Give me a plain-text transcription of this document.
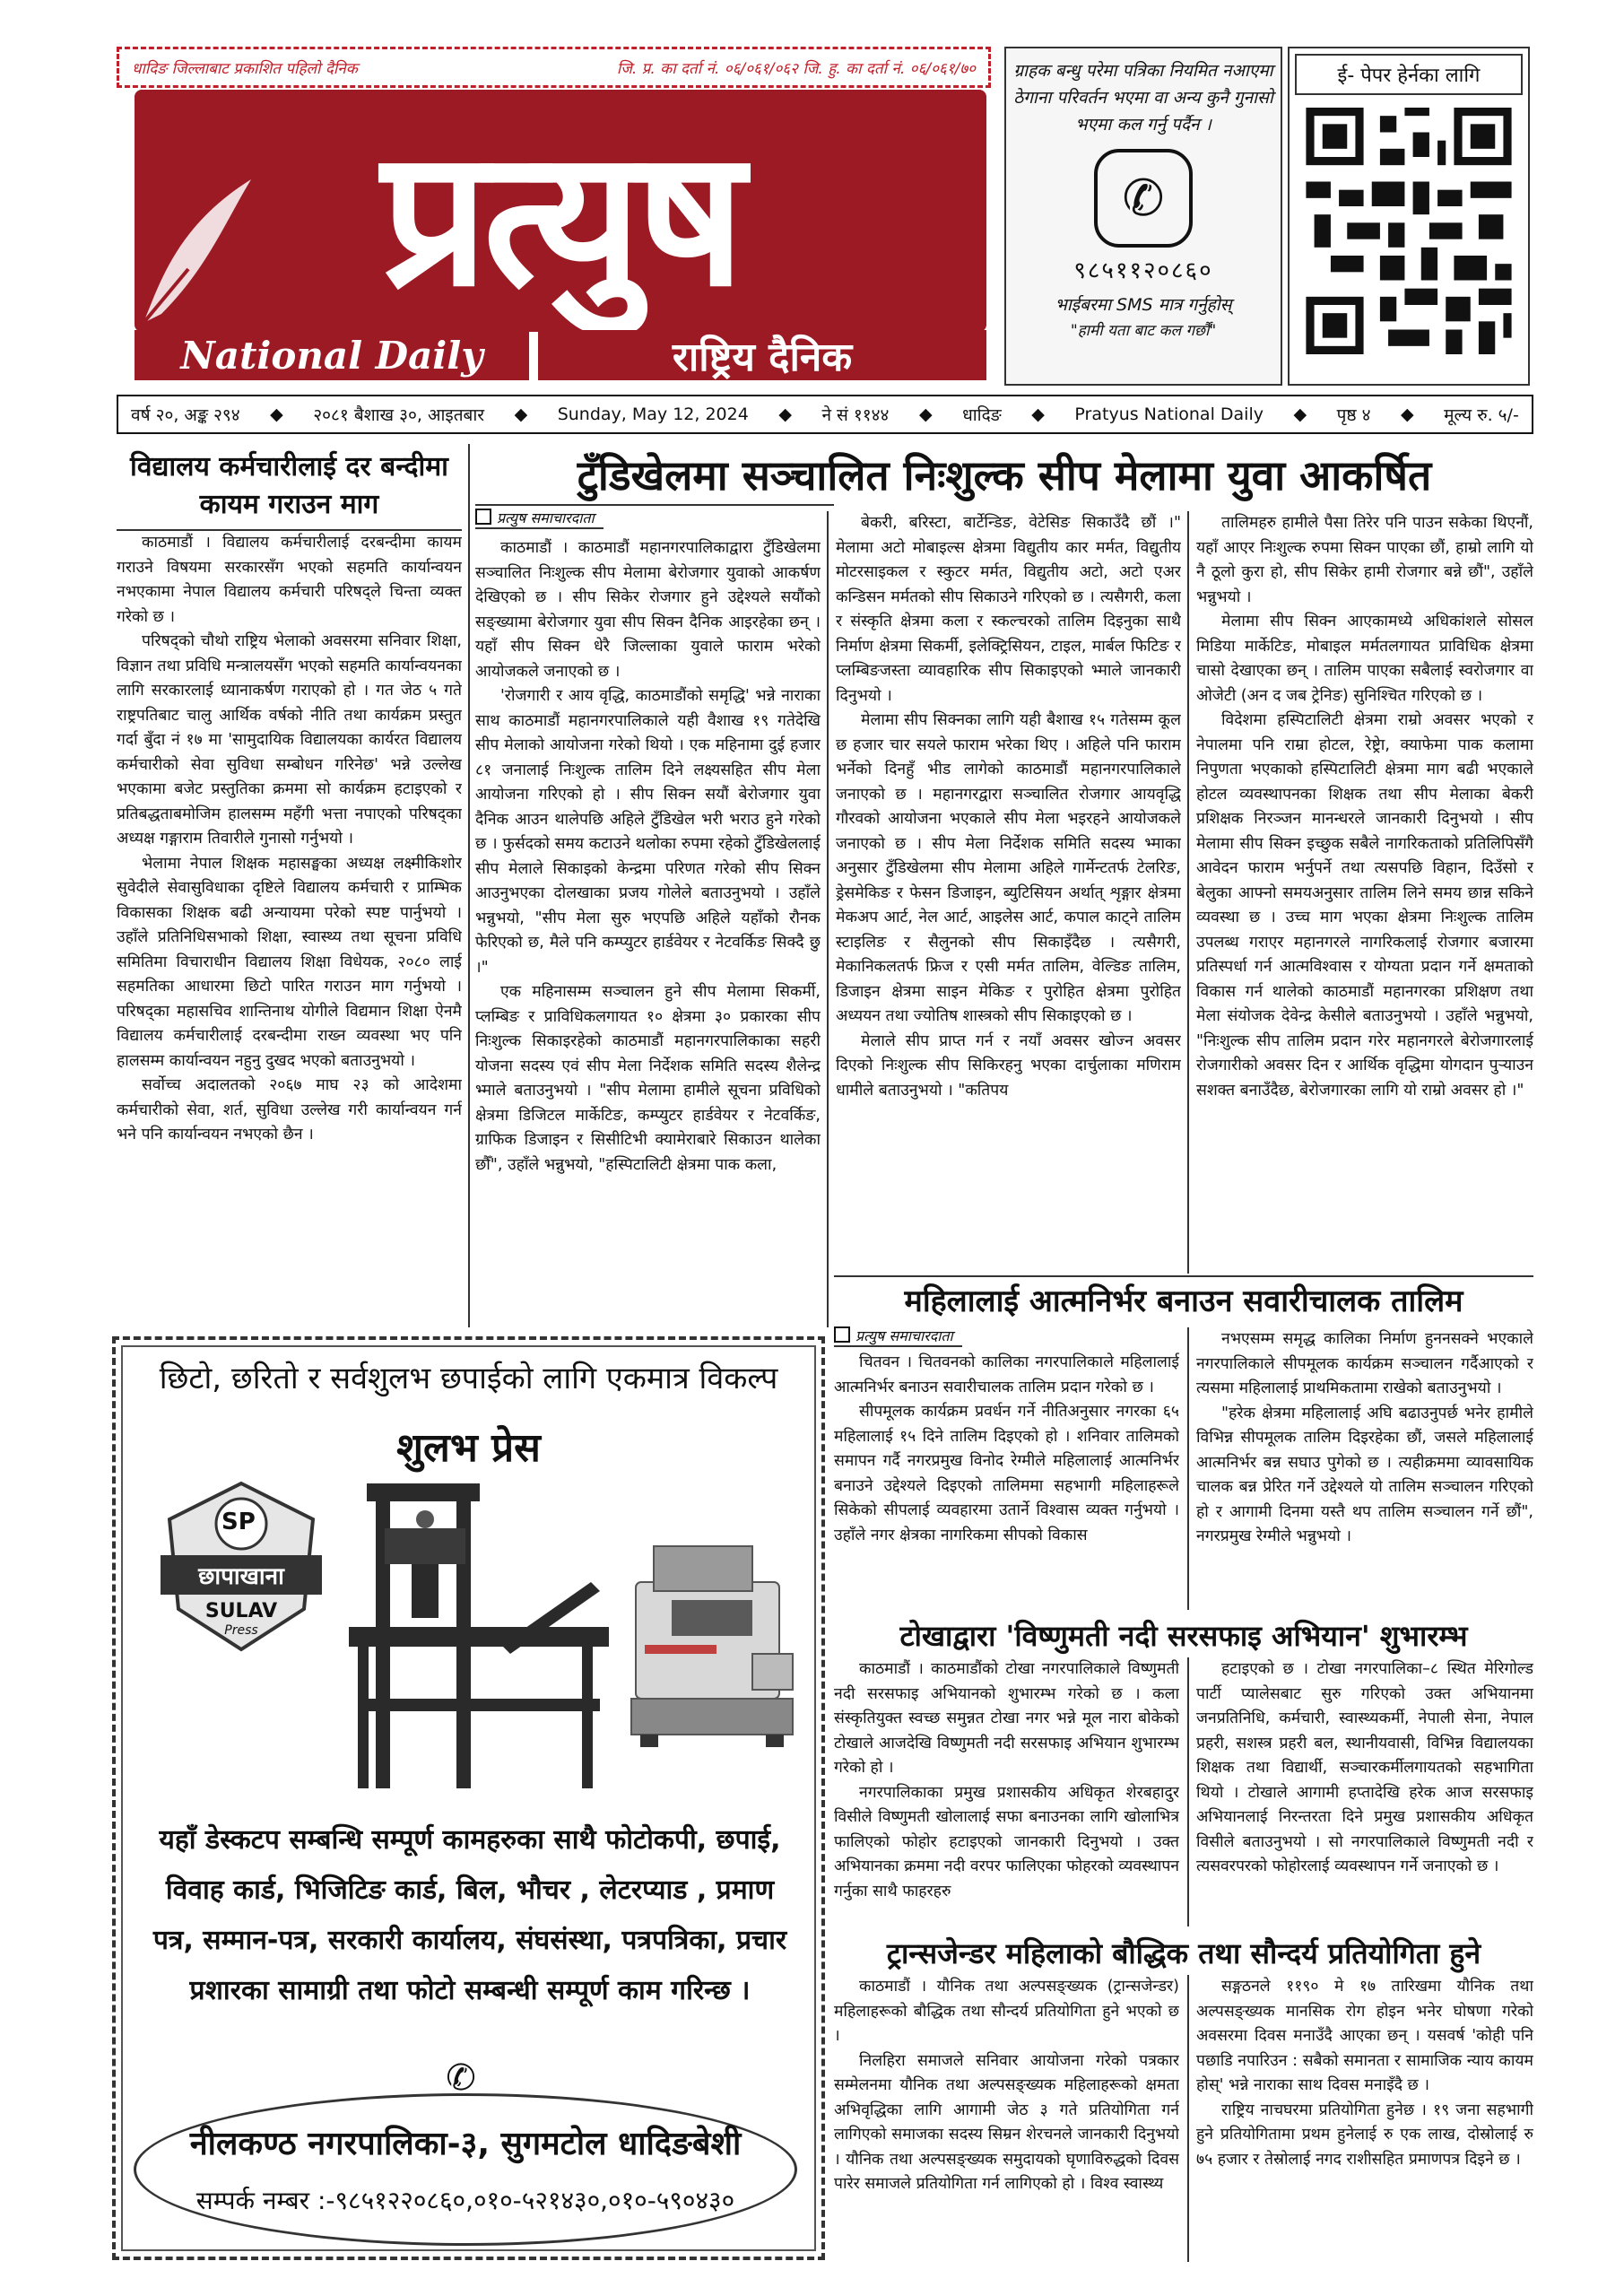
धादिङ जिल्लाबाट प्रकाशित पहिलो दैनिक	जि. प्र. का दर्ता नं. ०६/०६१/०६२ जि. हु. का दर्ता नं. ०६/०६१/७०
प्रत्युष
National Daily	राष्ट्रिय दैनिक
ग्राहक बन्धु परेमा पत्रिका नियमित नआएमा ठेगाना परिवर्तन भएमा वा अन्य कुनै गुनासो भएमा कल गर्नु पर्दैन ।
✆
९८५११२०८६०
भाईबरमा SMS मात्र गर्नुहोस्
"हामी यता बाट कल गर्छौं"
ई- पेपर हेर्नका लागि
वर्ष २०, अङ्क २९४ ◆ २०८१ बैशाख ३०, आइतबार ◆ Sunday, May 12, 2024 ◆ ने सं ११४४ ◆ धादिङ ◆ Pratyus National Daily ◆ पृष्ठ ४ ◆ मूल्य रु. ५/-
विद्यालय कर्मचारीलाई दर बन्दीमा कायम गराउन माग

काठमाडौं । विद्यालय कर्मचारीलाई दरबन्दीमा कायम गराउने विषयमा सरकारसँग भएको सहमति कार्यान्वयन नभएकामा नेपाल विद्यालय कर्मचारी परिषद्ले चिन्ता व्यक्त गरेको छ ।

परिषद्को चौथो राष्ट्रिय भेलाको अवसरमा सनिवार शिक्षा, विज्ञान तथा प्रविधि मन्त्रालयसँग भएको सहमति कार्यान्वयनका लागि सरकारलाई ध्यानाकर्षण गराएको हो । गत जेठ ५ गते राष्ट्रपतिबाट चालु आर्थिक वर्षको नीति तथा कार्यक्रम प्रस्तुत गर्दा बुँदा नं १७ मा 'सामुदायिक विद्यालयका कार्यरत विद्यालय कर्मचारीको सेवा सुविधा सम्बोधन गरिनेछ' भन्ने उल्लेख भएकामा बजेट प्रस्तुतिका क्रममा सो कार्यक्रम हटाइएको र प्रतिबद्धताबमोजिम हालसम्म महँगी भत्ता नपाएको परिषद्का अध्यक्ष गङ्गाराम तिवारीले गुनासो गर्नुभयो ।

भेलामा नेपाल शिक्षक महासङ्घका अध्यक्ष लक्ष्मीकिशोर सुवेदीले सेवासुविधाका दृष्टिले विद्यालय कर्मचारी र प्राम्भिक विकासका शिक्षक बढी अन्यायमा परेको स्पष्ट पार्नुभयो । उहाँले प्रतिनिधिसभाको शिक्षा, स्वास्थ्य तथा सूचना प्रविधि समितिमा विचाराधीन विद्यालय शिक्षा विधेयक, २०८० लाई सहमतिका आधारमा छिटो पारित गराउन माग गर्नुभयो । परिषद्का महासचिव शान्तिनाथ योगीले विद्यमान शिक्षा ऐनमै विद्यालय कर्मचारीलाई दरबन्दीमा राख्न व्यवस्था भए पनि हालसम्म कार्यान्वयन नहुनु दुखद भएको बताउनुभयो ।

सर्वोच्च अदालतको २०६७ माघ २३ को आदेशमा कर्मचारीको सेवा, शर्त, सुविधा उल्लेख गरी कार्यान्वयन गर्न भने पनि कार्यान्वयन नभएको छैन ।

टुँडिखेलमा सञ्चालित निःशुल्क सीप मेलामा युवा आकर्षित
प्रत्युष समाचारदाता

काठमाडौं । काठमाडौं महानगरपालिकाद्वारा टुँडिखेलमा सञ्चालित निःशुल्क सीप मेलामा बेरोजगार युवाको आकर्षण देखिएको छ । सीप सिकेर रोजगार हुने उद्देश्यले सयौंको सङ्ख्यामा बेरोजगार युवा सीप सिक्न दैनिक आइरहेका छन् । यहाँ सीप सिक्न धेरै जिल्लाका युवाले फाराम भरेको आयोजकले जनाएको छ ।

'रोजगारी र आय वृद्धि, काठमाडौंको समृद्धि' भन्ने नाराका साथ काठमाडौं महानगरपालिकाले यही वैशाख १९ गतेदेखि सीप मेलाको आयोजना गरेको थियो । एक महिनामा दुई हजार ८१ जनालाई निःशुल्क तालिम दिने लक्ष्यसहित सीप मेला आयोजना गरिएको हो । सीप सिक्न सयौं बेरोजगार युवा दैनिक आउन थालेपछि अहिले टुँडिखेल भरी भराउ हुने गरेको छ । फुर्सदको समय कटाउने थलोका रुपमा रहेको टुँडिखेललाई सीप मेलाले सिकाइको केन्द्रमा परिणत गरेको सीप सिक्न आउनुभएका दोलखाका प्रजय गोलेले बताउनुभयो । उहाँले भन्नुभयो, "सीप मेला सुरु भएपछि अहिले यहाँको रौनक फेरिएको छ, मैले पनि कम्प्युटर हार्डवेयर र नेटवर्किङ सिक्दै छु ।"

एक महिनासम्म सञ्चालन हुने सीप मेलामा सिकर्मी, प्लम्बिङ र प्राविधिकलगायत १० क्षेत्रमा ३० प्रकारका सीप निःशुल्क सिकाइरहेको काठमाडौं महानगरपालिकाका सहरी योजना सदस्य एवं सीप मेला निर्देशक समिति सदस्य शैलेन्द्र भ्माले बताउनुभयो । "सीप मेलामा हामीले सूचना प्रविधिको क्षेत्रमा डिजिटल मार्केटिङ, कम्प्युटर हार्डवेयर र नेटवर्किङ, ग्राफिक डिजाइन र सिसीटिभी क्यामेराबारे सिकाउन थालेका छौँ", उहाँले भन्नुभयो, "हस्पिटालिटी क्षेत्रमा पाक कला,

बेकरी, बरिस्टा, बार्टेन्डिङ, वेटेसिङ सिकाउँदै छौं ।" मेलामा अटो मोबाइल्स क्षेत्रमा विद्युतीय कार मर्मत, विद्युतीय मोटरसाइकल र स्कुटर मर्मत, विद्युतीय अटो, अटो एअर कन्डिसन मर्मतको सीप सिकाउने गरिएको छ । त्यसैगरी, कला र संस्कृति क्षेत्रमा कला र स्कल्चरको तालिम दिइनुका साथै निर्माण क्षेत्रमा सिकर्मी, इलेक्ट्रिसियन, टाइल, मार्बल फिटिङ र प्लम्बिङजस्ता व्यावहारिक सीप सिकाइएको भ्माले जानकारी दिनुभयो ।

मेलामा सीप सिक्नका लागि यही बैशाख १५ गतेसम्म कूल छ हजार चार सयले फाराम भरेका थिए । अहिले पनि फाराम भर्नेको दिनहुँ भीड लागेको काठमाडौं महानगरपालिकाले जनाएको छ । महानगरद्वारा सञ्चालित रोजगार आयवृद्धि गौरवको आयोजना भएकाले सीप मेला भइरहने आयोजकले जनाएको छ । सीप मेला निर्देशक समिति सदस्य भ्माका अनुसार टुँडिखेलमा सीप मेलामा अहिले गार्मेन्टतर्फ टेलरिङ, ड्रेसमेकिङ र फेसन डिजाइन, ब्युटिसियन अर्थात् शृङ्गार क्षेत्रमा मेकअप आर्ट, नेल आर्ट, आइलेस आर्ट, कपाल काट्ने तालिम स्टाइलिङ र सैलुनको सीप सिकाइँदैछ । त्यसैगरी, मेकानिकलतर्फ फ्रिज र एसी मर्मत तालिम, वेल्डिङ तालिम, डिजाइन क्षेत्रमा साइन मेकिङ र पुरोहित क्षेत्रमा पुरोहित अध्ययन तथा ज्योतिष शास्त्रको सीप सिकाइएको छ ।

मेलाले सीप प्राप्त गर्न र नयाँ अवसर खोज्न अवसर दिएको निःशुल्क सीप सिकिरहनु भएका दार्चुलाका मणिराम धामीले बताउनुभयो । "कतिपय

तालिमहरु हामीले पैसा तिरेर पनि पाउन सकेका थिएनौं, यहाँ आएर निःशुल्क रुपमा सिक्न पाएका छौं, हाम्रो लागि यो नै ठूलो कुरा हो, सीप सिकेर हामी रोजगार बन्ने छौं", उहाँले भन्नुभयो ।

मेलामा सीप सिक्न आएकामध्ये अधिकांशले सोसल मिडिया मार्केटिङ, मोबाइल मर्मतलगायत प्राविधिक क्षेत्रमा चासो देखाएका छन् । तालिम पाएका सबैलाई स्वरोजगार वा ओजेटी (अन द जब ट्रेनिङ) सुनिश्चित गरिएको छ ।

विदेशमा हस्पिटालिटी क्षेत्रमा राम्रो अवसर भएको र नेपालमा पनि राम्रा होटल, रेष्ट्रेा, क्याफेमा पाक कलामा निपुणता भएकाको हस्पिटालिटी क्षेत्रमा माग बढी भएकाले होटल व्यवस्थापनका शिक्षक तथा सीप मेलाका बेकरी प्रशिक्षक निरञ्जन मानन्धरले जानकारी दिनुभयो । सीप मेलामा सीप सिक्न इच्छुक सबैले नागरिकताको प्रतिलिपिसँगै आवेदन फाराम भर्नुपर्ने तथा त्यसपछि विहान, दिउँसो र बेलुका आफ्नो समयअनुसार तालिम लिने समय छान्न सकिने व्यवस्था छ । उच्च माग भएका क्षेत्रमा निःशुल्क तालिम उपलब्ध गराएर महानगरले नागरिकलाई रोजगार बजारमा प्रतिस्पर्धा गर्न आत्मविश्वास र योग्यता प्रदान गर्ने क्षमताको विकास गर्न थालेको काठमाडौं महानगरका प्रशिक्षण तथा मेला संयोजक देवेन्द्र केसीले बताउनुभयो । उहाँले भन्नुभयो, "निःशुल्क सीप तालिम प्रदान गरेर महानगरले बेरोजगारलाई रोजगारीको अवसर दिन र आर्थिक वृद्धिमा योगदान पुऱ्याउन सशक्त बनाउँदैछ, बेरोजगारका लागि यो राम्रो अवसर हो ।"

महिलालाई आत्मनिर्भर बनाउन सवारीचालक तालिम
प्रत्युष समाचारदाता

चितवन । चितवनको कालिका नगरपालिकाले महिलालाई आत्मनिर्भर बनाउन सवारीचालक तालिम प्रदान गरेको छ ।

सीपमूलक कार्यक्रम प्रवर्धन गर्ने नीतिअनुसार नगरका ६५ महिलालाई १५ दिने तालिम दिइएको हो । शनिवार तालिमको समापन गर्दै नगरप्रमुख विनोद रेग्मीले महिलालाई आत्मनिर्भर बनाउने उद्देश्यले दिइएको तालिममा सहभागी महिलाहरूले सिकेको सीपलाई व्यवहारमा उतार्ने विश्वास व्यक्त गर्नुभयो । उहाँले नगर क्षेत्रका नागरिकमा सीपको विकास

नभएसम्म समृद्ध कालिका निर्माण हुननसक्ने भएकाले नगरपालिकाले सीपमूलक कार्यक्रम सञ्चालन गर्दैआएको र त्यसमा महिलालाई प्राथमिकतामा राखेको बताउनुभयो ।

"हरेक क्षेत्रमा महिलालाई अघि बढाउनुपर्छ भनेर हामीले विभिन्न सीपमूलक तालिम दिइरहेका छौं, जसले महिलालाई आत्मनिर्भर बन्न सघाउ पुगेको छ । त्यहीक्रममा व्यावसायिक चालक बन्न प्रेरित गर्ने उद्देश्यले यो तालिम सञ्चालन गरिएको हो र आगामी दिनमा यस्तै थप तालिम सञ्चालन गर्ने छौं", नगरप्रमुख रेग्मीले भन्नुभयो ।

टोखाद्वारा 'विष्णुमती नदी सरसफाइ अभियान' शुभारम्भ

काठमाडौं । काठमाडौंको टोखा नगरपालिकाले विष्णुमती नदी सरसफाइ अभियानको शुभारम्भ गरेको छ । कला संस्कृतियुक्त स्वच्छ समुन्नत टोखा नगर भन्ने मूल नारा बोकेको टोखाले आजदेखि विष्णुमती नदी सरसफाइ अभियान शुभारम्भ गरेको हो ।

नगरपालिकाका प्रमुख प्रशासकीय अधिकृत शेरबहादुर विसीले विष्णुमती खोलालाई सफा बनाउनका लागि खोलाभित्र फालिएको फोहोर हटाइएको जानकारी दिनुभयो । उक्त अभियानका क्रममा नदी वरपर फालिएका फोहरको व्यवस्थापन गर्नुका साथै फाहरहरु

हटाइएको छ । टोखा नगरपालिका–८ स्थित मेरिगोल्ड पार्टी प्यालेसबाट सुरु गरिएको उक्त अभियानमा जनप्रतिनिधि, कर्मचारी, स्वास्थ्यकर्मी, नेपाली सेना, नेपाल प्रहरी, सशस्त्र प्रहरी बल, स्थानीयवासी, विभिन्न विद्यालयका शिक्षक तथा विद्यार्थी, सञ्चारकर्मीलगायतको सहभागिता थियो । टोखाले आगामी हप्तादेखि हरेक आज सरसफाइ अभियानलाई निरन्तरता दिने प्रमुख प्रशासकीय अधिकृत विसीले बताउनुभयो । सो नगरपालिकाले विष्णुमती नदी र त्यसवरपरको फोहोरलाई व्यवस्थापन गर्ने जनाएको छ ।

ट्रान्सजेन्डर महिलाको बौद्धिक तथा सौन्दर्य प्रतियोगिता हुने

काठमाडौं । यौनिक तथा अल्पसङ्ख्यक (ट्रान्सजेन्डर) महिलाहरूको बौद्धिक तथा सौन्दर्य प्रतियोगिता हुने भएको छ ।

निलहिरा समाजले सनिवार आयोजना गरेको पत्रकार सम्मेलनमा यौनिक तथा अल्पसङ्ख्यक महिलाहरूको क्षमता अभिवृद्धिका लागि आगामी जेठ ३ गते प्रतियोगिता गर्न लागिएको समाजका सदस्य सिम्रन शेरचनले जानकारी दिनुभयो । यौनिक तथा अल्पसङ्ख्यक समुदायको घृणाविरुद्धको दिवस पारेर समाजले प्रतियोगिता गर्न लागिएको हो । विश्व स्वास्थ्य

सङ्गठनले ११९० मे १७ तारिखमा यौनिक तथा अल्पसङ्ख्यक मानसिक रोग होइन भनेर घोषणा गरेको अवसरमा दिवस मनाउँदै आएका छन् । यसवर्ष 'कोही पनि पछाडि नपारिउन : सबैको समानता र सामाजिक न्याय कायम होस्' भन्ने नाराका साथ दिवस मनाइँदै छ ।

राष्ट्रिय नाचघरमा प्रतियोगिता हुनेछ । १९ जना सहभागी हुने प्रतियोगितामा प्रथम हुनेलाई रु एक लाख, दोस्रोलाई रु ७५ हजार र तेस्रोलाई नगद राशीसहित प्रमाणपत्र दिइने छ ।

छिटो, छरितो र सर्वशुलभ छपाईको लागि एकमात्र विकल्प
शुलभ प्रेस
SP
छापाखाना
SULAV
Press
यहाँ डेस्कटप सम्बन्धि सम्पूर्ण कामहरुका साथै फोटोकपी, छपाई, विवाह कार्ड, भिजिटिङ कार्ड, बिल, भौचर , लेटरप्याड , प्रमाण पत्र, सम्मान-पत्र, सरकारी कार्यालय, संघसंस्था, पत्रपत्रिका, प्रचार प्रशारका सामाग्री तथा फोटो सम्बन्धी सम्पूर्ण काम गरिन्छ ।
✆
नीलकण्ठ नगरपालिका-३, सुगमटोल धादिङबेशी
सम्पर्क नम्बर :-९८५१२२०८६०,०१०-५२१४३०,०१०-५९०४३०
